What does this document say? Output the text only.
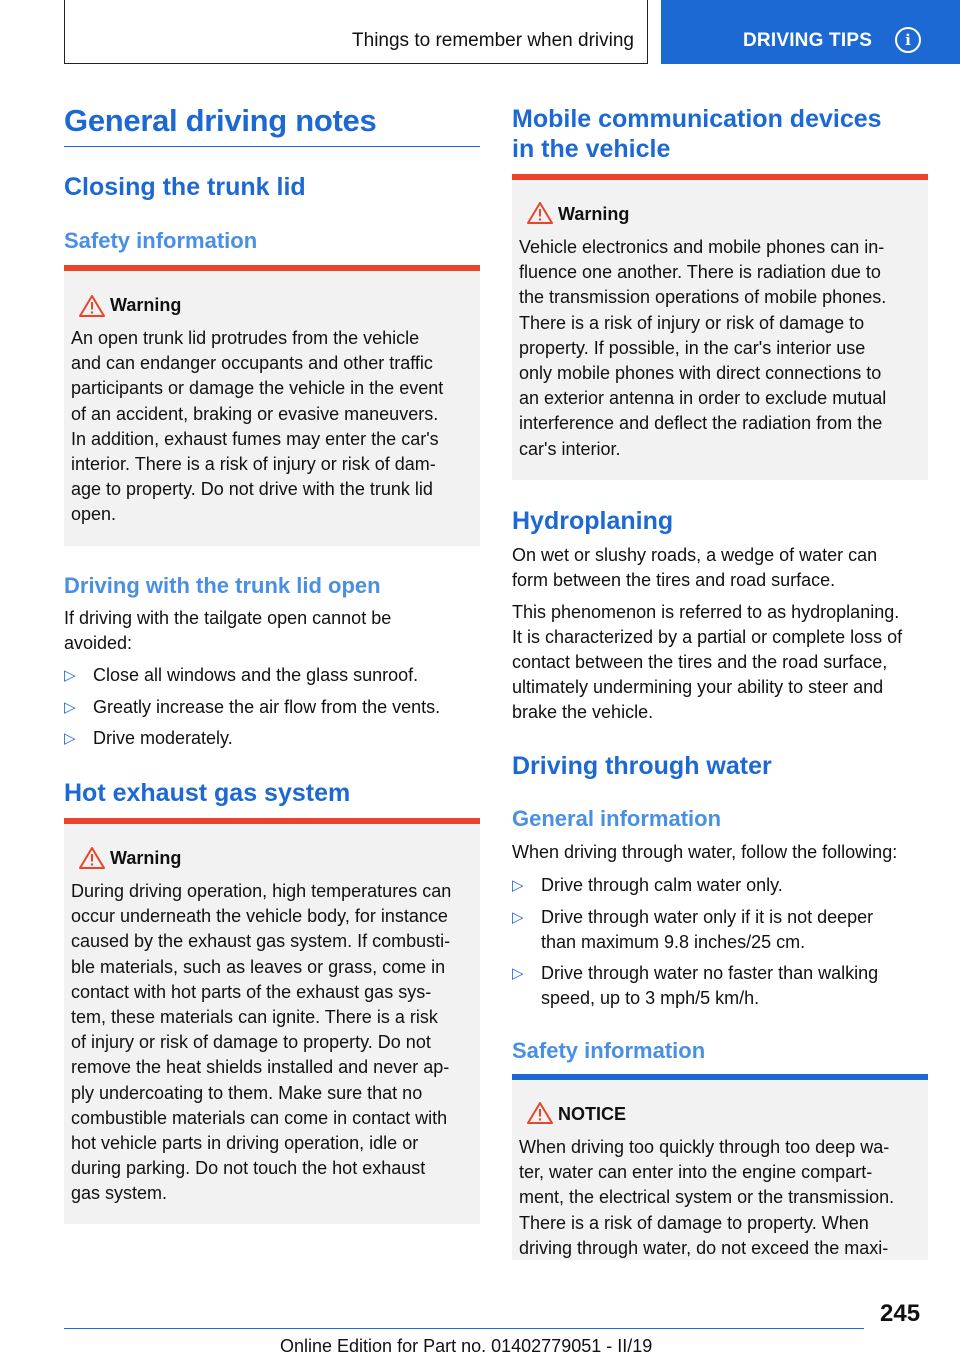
Things to remember when driving	DRIVING TIPS	i
General driving notes
Closing the trunk lid
Safety information
Warning
An open trunk lid protrudes from the vehicle
and can endanger occupants and other traffic
participants or damage the vehicle in the event
of an accident, braking or evasive maneuvers.
In addition, exhaust fumes may enter the car's
interior. There is a risk of injury or risk of dam‐
age to property. Do not drive with the trunk lid
open.
Driving with the trunk lid open
If driving with the tailgate open cannot be
avoided:
▷ Close all windows and the glass sunroof.
▷ Greatly increase the air flow from the vents.
▷ Drive moderately.
Hot exhaust gas system
Warning
During driving operation, high temperatures can
occur underneath the vehicle body, for instance
caused by the exhaust gas system. If combusti‐
ble materials, such as leaves or grass, come in
contact with hot parts of the exhaust gas sys‐
tem, these materials can ignite. There is a risk
of injury or risk of damage to property. Do not
remove the heat shields installed and never ap‐
ply undercoating to them. Make sure that no
combustible materials can come in contact with
hot vehicle parts in driving operation, idle or
during parking. Do not touch the hot exhaust
gas system.
Mobile communication devices
in the vehicle
Warning
Vehicle electronics and mobile phones can in‐
fluence one another. There is radiation due to
the transmission operations of mobile phones.
There is a risk of injury or risk of damage to
property. If possible, in the car's interior use
only mobile phones with direct connections to
an exterior antenna in order to exclude mutual
interference and deflect the radiation from the
car's interior.
Hydroplaning
On wet or slushy roads, a wedge of water can
form between the tires and road surface.
This phenomenon is referred to as hydroplaning.
It is characterized by a partial or complete loss of
contact between the tires and the road surface,
ultimately undermining your ability to steer and
brake the vehicle.
Driving through water
General information
When driving through water, follow the following:
▷ Drive through calm water only.
▷ Drive through water only if it is not deeper
than maximum 9.8 inches/25 cm.
▷ Drive through water no faster than walking
speed, up to 3 mph/5 km/h.
Safety information
NOTICE
When driving too quickly through too deep wa‐
ter, water can enter into the engine compart‐
ment, the electrical system or the transmission.
There is a risk of damage to property. When
driving through water, do not exceed the maxi‐
245
Online Edition for Part no. 01402779051 - II/19
